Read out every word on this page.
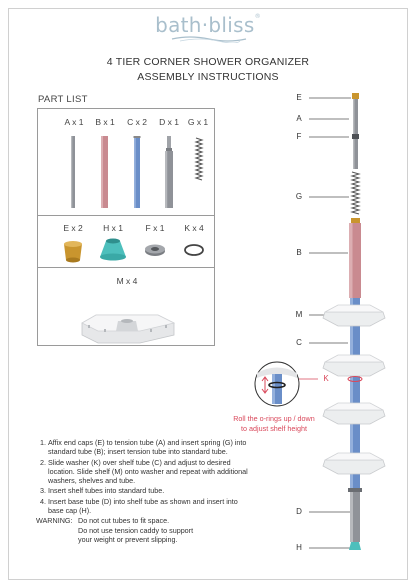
bath·bliss®
4 TIER CORNER SHOWER ORGANIZER
ASSEMBLY INSTRUCTIONS
PART LIST
A x 1	B x 1	C x 2	D x 1	G x 1
E x 2	H x 1	F x 1	K x 4
M x 4
E
A
F
G
B
M
C
K
D
H
Roll the o-rings up / down
to adjust shelf height
1. Affix end caps (E) to tension tube (A) and insert spring (G) into standard tube (B); insert tension tube into standard tube.
2. Slide washer (K) over shelf tube (C) and adjust to desired location. Slide shelf (M) onto washer and repeat with additional washers, shelves and tube.
3. Insert shelf tubes into standard tube.
4. Insert base tube (D) into shelf tube as shown and insert into base cap (H).
WARNING: Do not cut tubes to fit space.
Do not use tension caddy to support
your weight or prevent slipping.
